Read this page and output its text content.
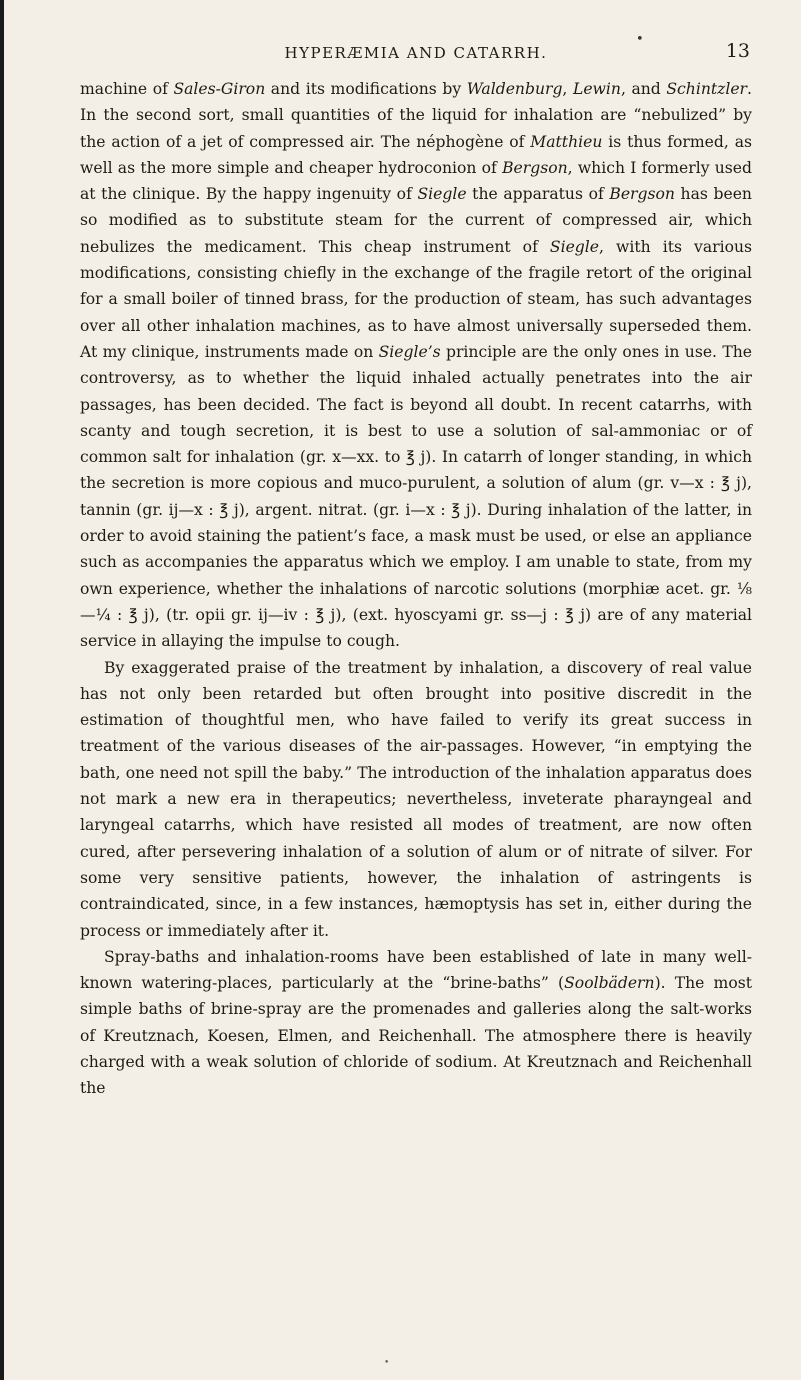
•
HYPERÆMIA AND CATARRH.	13

machine of Sales-Giron and its modifications by Waldenburg, Lewin, and Schintzler. In the second sort, small quantities of the liquid for inhalation are “nebulized” by the action of a jet of compressed air. The néphogène of Matthieu is thus formed, as well as the more simple and cheaper hydroconion of Bergson, which I formerly used at the clinique. By the happy ingenuity of Siegle the apparatus of Bergson has been so modified as to substitute steam for the current of compressed air, which nebulizes the medicament. This cheap instrument of Siegle, with its various modifications, consisting chiefly in the exchange of the fragile retort of the original for a small boiler of tinned brass, for the production of steam, has such advantages over all other inhalation machines, as to have almost universally superseded them. At my clinique, instruments made on Siegle’s principle are the only ones in use. The controversy, as to whether the liquid inhaled actually penetrates into the air passages, has been decided. The fact is beyond all doubt. In recent catarrhs, with scanty and tough secretion, it is best to use a solution of sal-ammoniac or of common salt for inhalation (gr. x—xx. to ℥ j). In catarrh of longer standing, in which the secretion is more copious and muco-purulent, a solution of alum (gr. v—x : ℥ j), tannin (gr. ij—x : ℥ j), argent. nitrat. (gr. i—x : ℥ j). During inhalation of the latter, in order to avoid staining the patient’s face, a mask must be used, or else an appliance such as accompanies the apparatus which we employ. I am unable to state, from my own experience, whether the inhalations of narcotic solutions (morphiæ acet. gr. ⅛—¼ : ℥ j), (tr. opii gr. ij—iv : ℥ j), (ext. hyoscyami gr. ss—j : ℥ j) are of any material service in allaying the impulse to cough.

By exaggerated praise of the treatment by inhalation, a discovery of real value has not only been retarded but often brought into positive discredit in the estimation of thoughtful men, who have failed to verify its great success in treatment of the various diseases of the air-passages. However, “in emptying the bath, one need not spill the baby.” The introduction of the inhalation apparatus does not mark a new era in therapeutics; nevertheless, inveterate pharayngeal and laryngeal catarrhs, which have resisted all modes of treatment, are now often cured, after persevering inhalation of a solution of alum or of nitrate of silver. For some very sensitive patients, however, the inhalation of astringents is contraindicated, since, in a few instances, hæmoptysis has set in, either during the process or immediately after it.

Spray-baths and inhalation-rooms have been established of late in many well-known watering-places, particularly at the “brine-baths” (Soolbädern). The most simple baths of brine-spray are the promenades and galleries along the salt-works of Kreutznach, Koesen, Elmen, and Reichenhall. The atmosphere there is heavily charged with a weak solution of chloride of sodium. At Kreutznach and Reichenhall the

•
